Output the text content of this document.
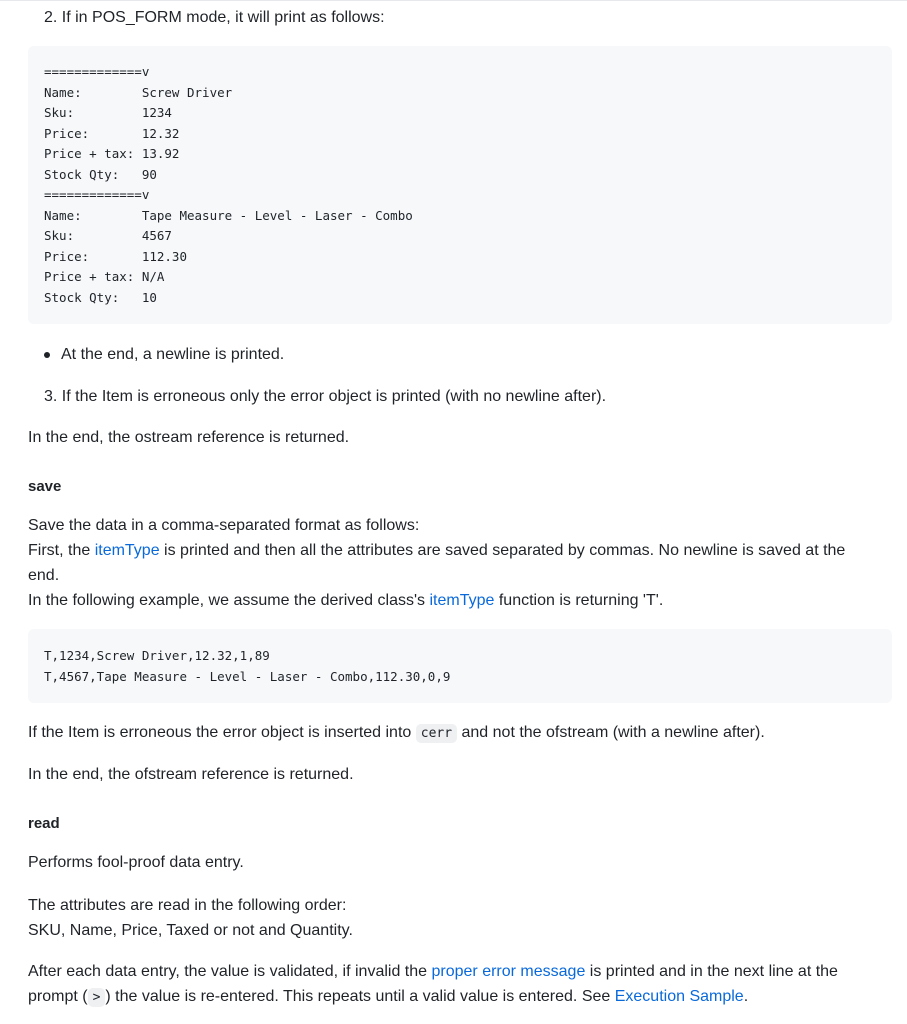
2. If in POS_FORM mode, it will print as follows:
=============v
Name:        Screw Driver
Sku:         1234
Price:       12.32
Price + tax: 13.92
Stock Qty:   90
=============v
Name:        Tape Measure - Level - Laser - Combo
Sku:         4567
Price:       112.30
Price + tax: N/A
Stock Qty:   10
At the end, a newline is printed.
3. If the Item is erroneous only the error object is printed (with no newline after).
In the end, the ostream reference is returned.
save
Save the data in a comma-separated format as follows:
First, the itemType is printed and then all the attributes are saved separated by commas. No newline is saved at the
end.
In the following example, we assume the derived class's itemType function is returning 'T'.
T,1234,Screw Driver,12.32,1,89
T,4567,Tape Measure - Level - Laser - Combo,112.30,0,9
If the Item is erroneous the error object is inserted into cerr and not the ofstream (with a newline after).
In the end, the ofstream reference is returned.
read
Performs fool-proof data entry.
The attributes are read in the following order:
SKU, Name, Price, Taxed or not and Quantity.
After each data entry, the value is validated, if invalid the proper error message is printed and in the next line at the
prompt ( > ) the value is re-entered. This repeats until a valid value is entered. See Execution Sample.
